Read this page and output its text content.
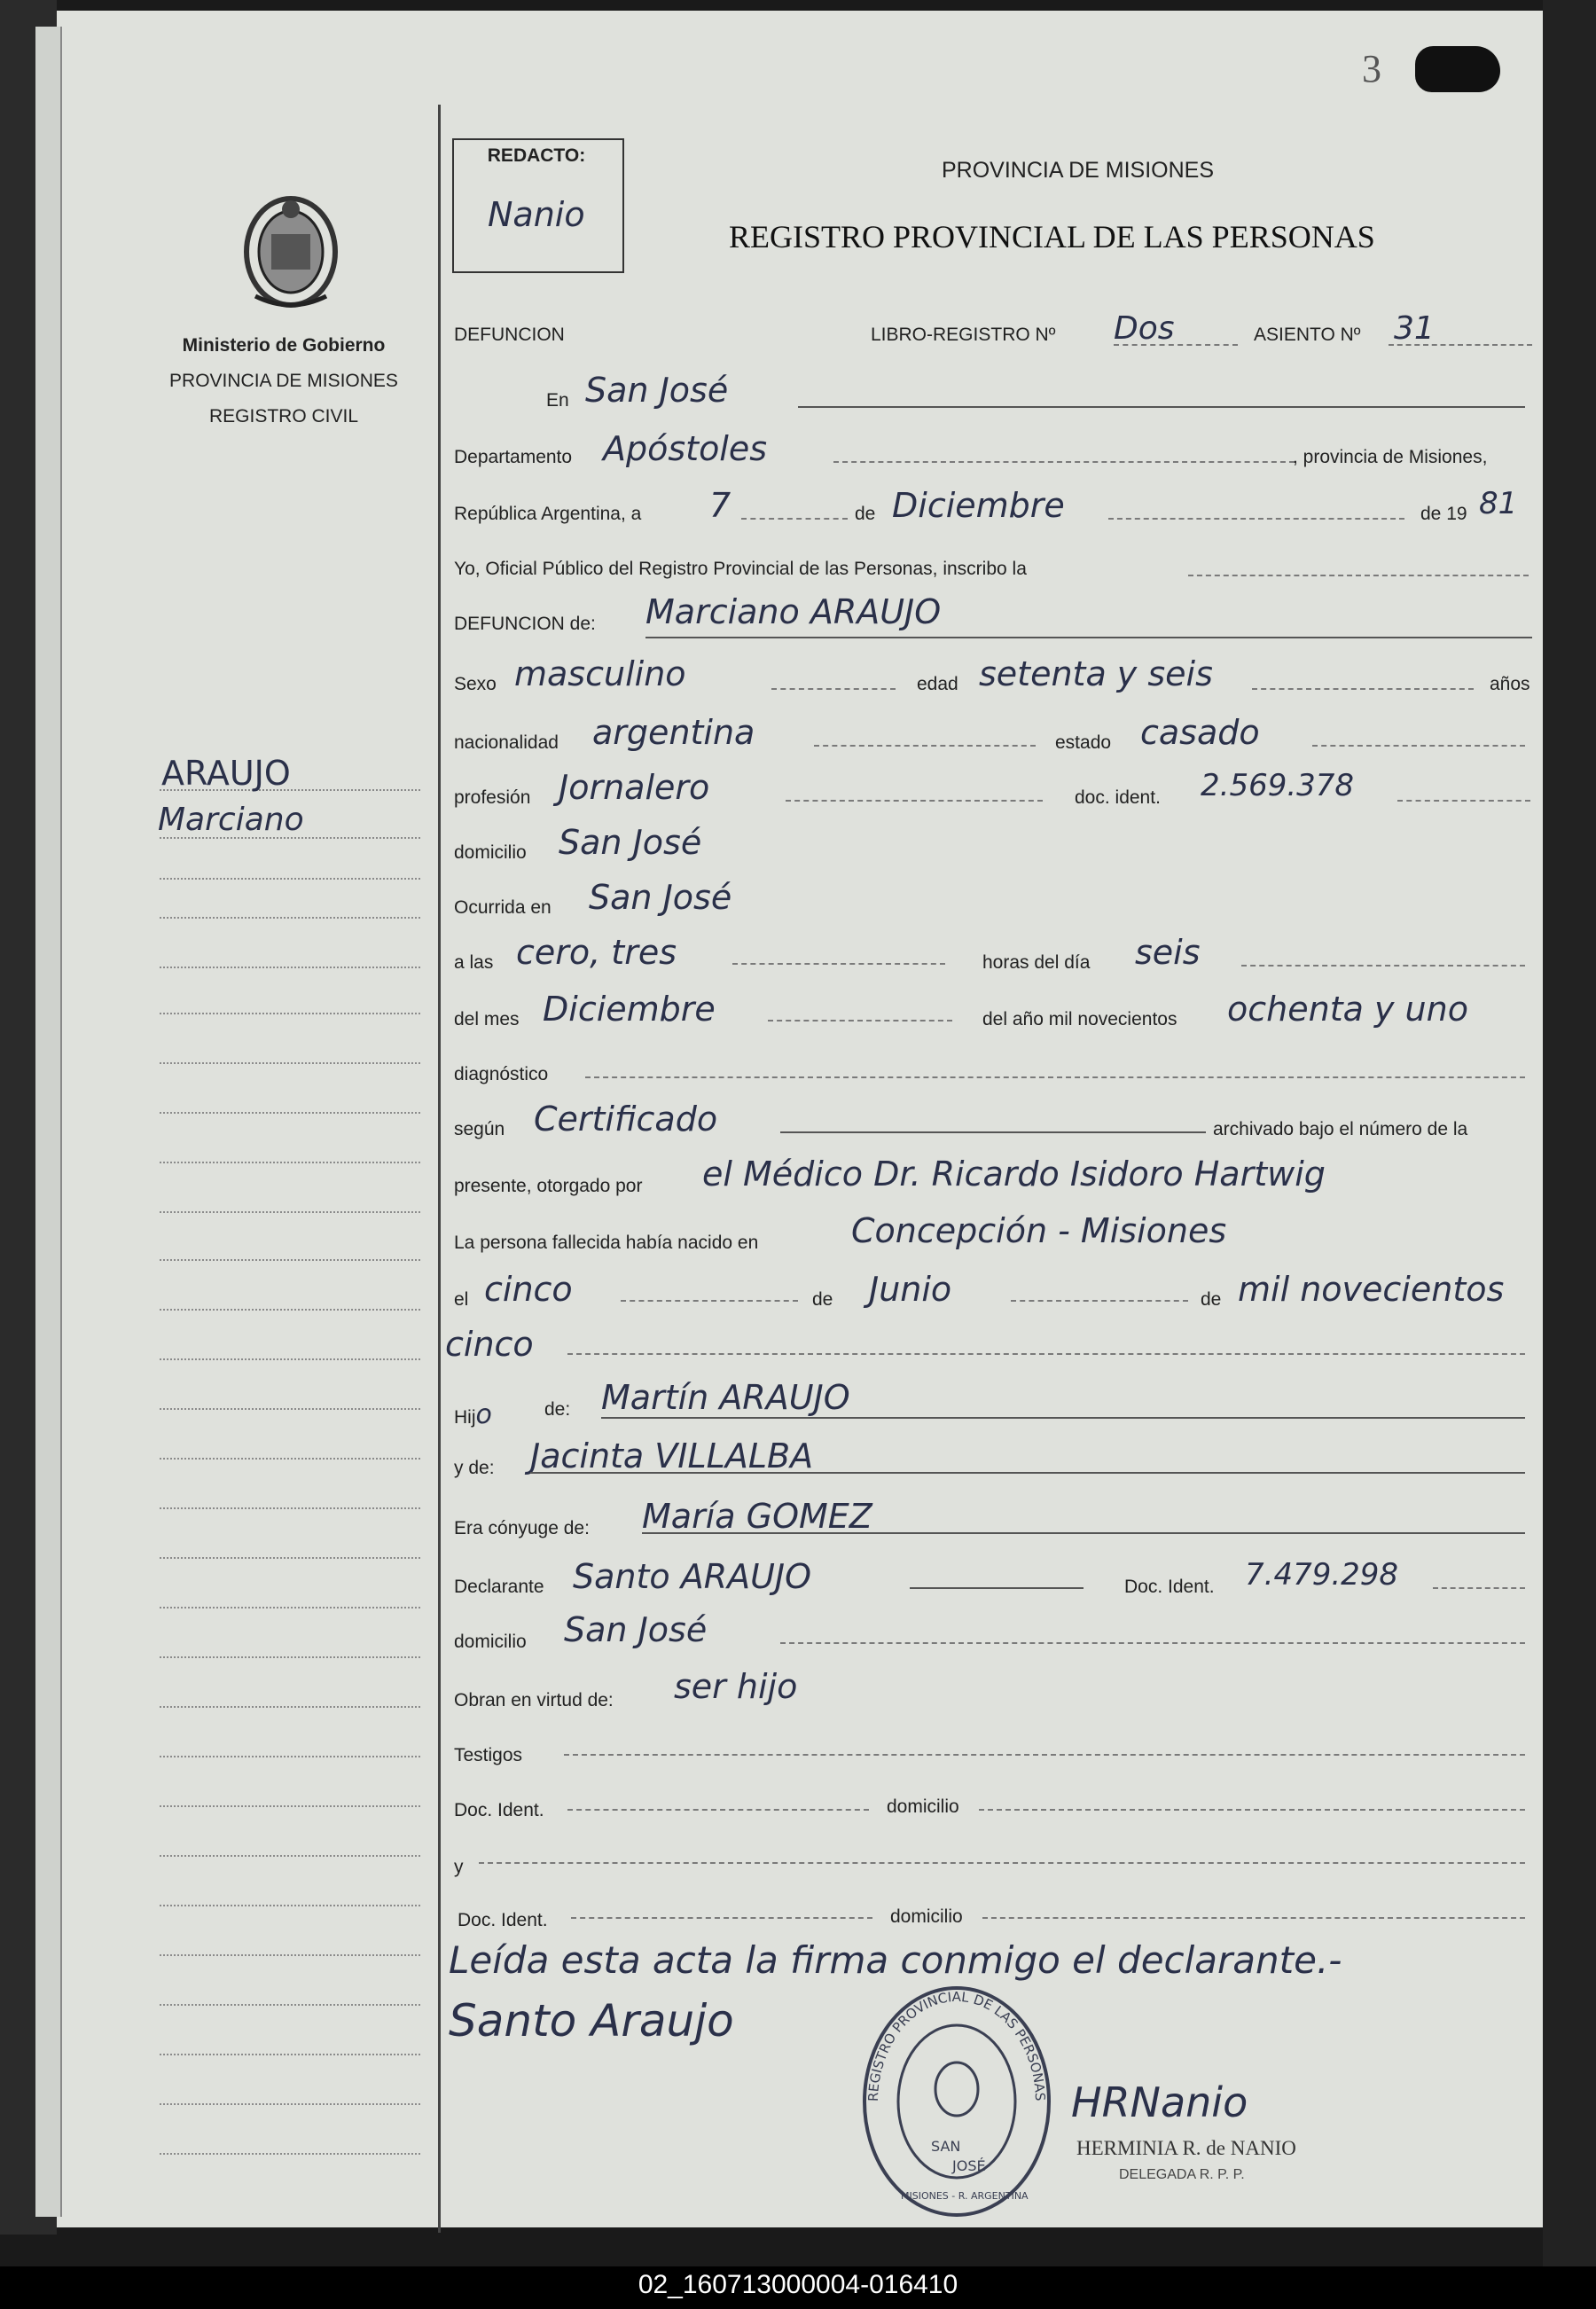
3
REDACTO:
Nanio
PROVINCIA DE MISIONES
REGISTRO PROVINCIAL DE LAS PERSONAS
Ministerio de Gobierno
PROVINCIA DE MISIONES
REGISTRO CIVIL
ARAUJO
Marciano
DEFUNCION	LIBRO-REGISTRO Nº Dos	ASIENTO Nº 31
En San José
Departamento Apóstoles	, provincia de Misiones,
República Argentina, a 7	de Diciembre	de 19 81
Yo, Oficial Público del Registro Provincial de las Personas, inscribo la
DEFUNCION de: Marciano ARAUJO
Sexo masculino	edad setenta y seis	años
nacionalidad argentina	estado casado
profesión Jornalero	doc. ident. 2.569.378
domicilio San José
Ocurrida en San José
a las cero, tres	horas del día seis
del mes Diciembre	del año mil novecientos ochenta y uno
diagnóstico
según Certificado	archivado bajo el número de la
presente, otorgado por el Médico Dr. Ricardo Isidoro Hartwig
La persona fallecida había nacido en	Concepción - Misiones
el cinco	de Junio	de mil novecientos
cinco
Hijo	de: Martín ARAUJO
y de: Jacinta VILLALBA
Era cónyuge de: María GOMEZ
Declarante Santo ARAUJO	Doc. Ident. 7.479.298
domicilio San José
Obran en virtud de: ser hijo
Testigos
Doc. Ident.	domicilio
y
Doc. Ident.	domicilio
Leída esta acta la firma conmigo el declarante.-
Santo Araujo
REGISTRO PROVINCIAL DE LAS PERSONAS
SAN
JOSÉ
MISIONES - R. ARGENTINA
HRNanio
HERMINIA R. de NANIO
DELEGADA R. P. P.
02_160713000004-016410
